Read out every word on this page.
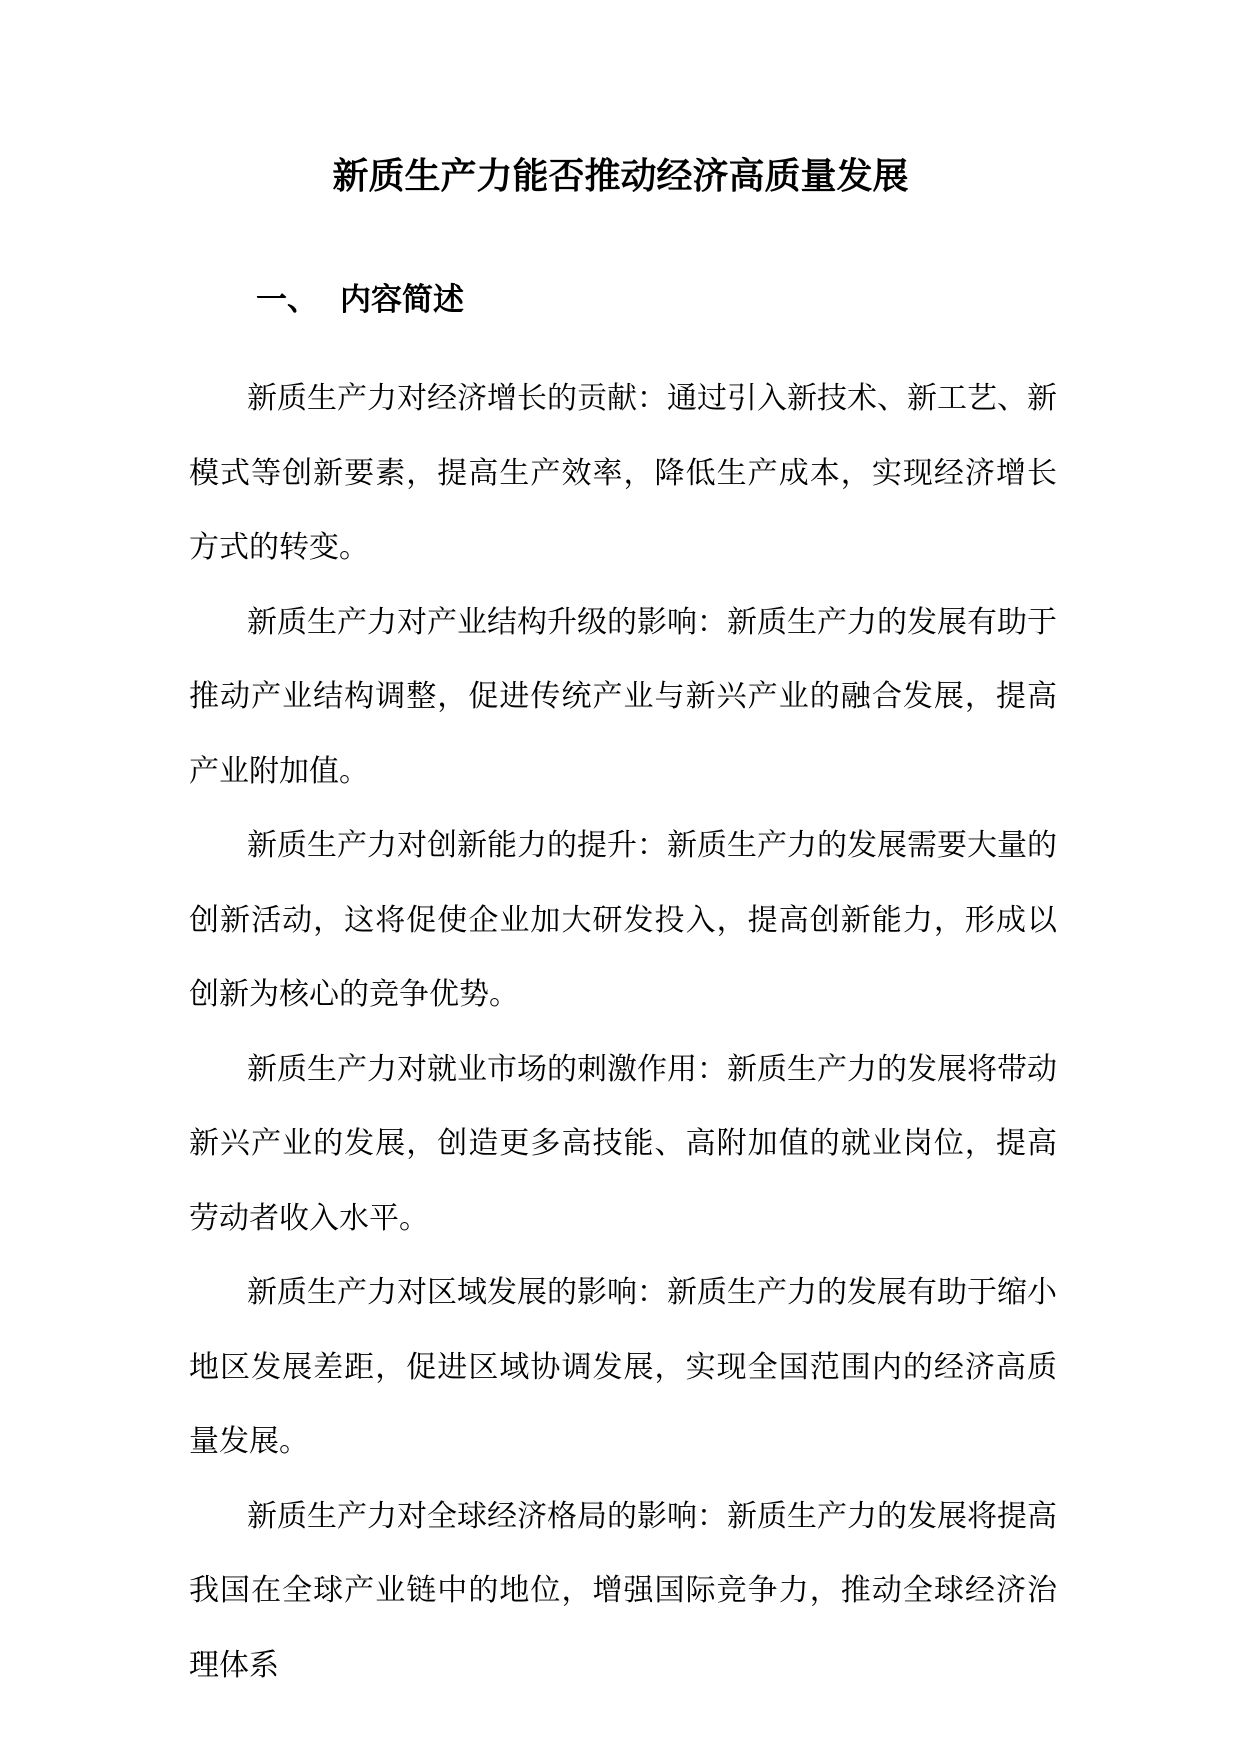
新质生产力能否推动经济高质量发展
一、 内容简述

新质生产力对经济增长的贡献：通过引入新技术、新工艺、新模式等创新要素，提高生产效率，降低生产成本，实现经济增长方式的转变。

新质生产力对产业结构升级的影响：新质生产力的发展有助于推动产业结构调整，促进传统产业与新兴产业的融合发展，提高产业附加值。

新质生产力对创新能力的提升：新质生产力的发展需要大量的创新活动，这将促使企业加大研发投入，提高创新能力，形成以创新为核心的竞争优势。

新质生产力对就业市场的刺激作用：新质生产力的发展将带动新兴产业的发展，创造更多高技能、高附加值的就业岗位，提高劳动者收入水平。

新质生产力对区域发展的影响：新质生产力的发展有助于缩小地区发展差距，促进区域协调发展，实现全国范围内的经济高质量发展。

新质生产力对全球经济格局的影响：新质生产力的发展将提高我国在全球产业链中的地位，增强国际竞争力，推动全球经济治理体系
